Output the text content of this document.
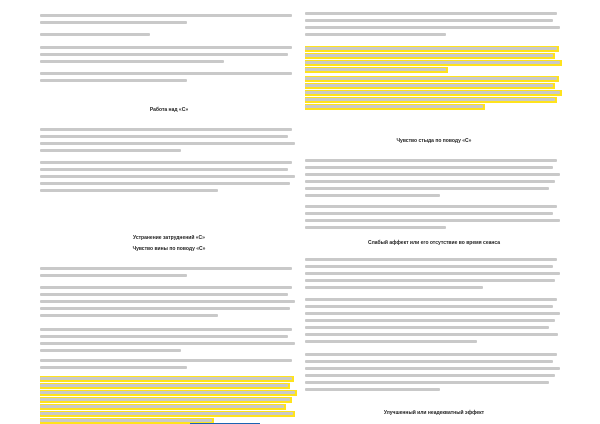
Работа над «C»
Устранение затруднений «C»
Чувство вины по поводу «C»
Чувство стыда по поводу «C»
Слабый аффект или его отсутствие во время сеанса
Улучшенный или неадекватный эффект
